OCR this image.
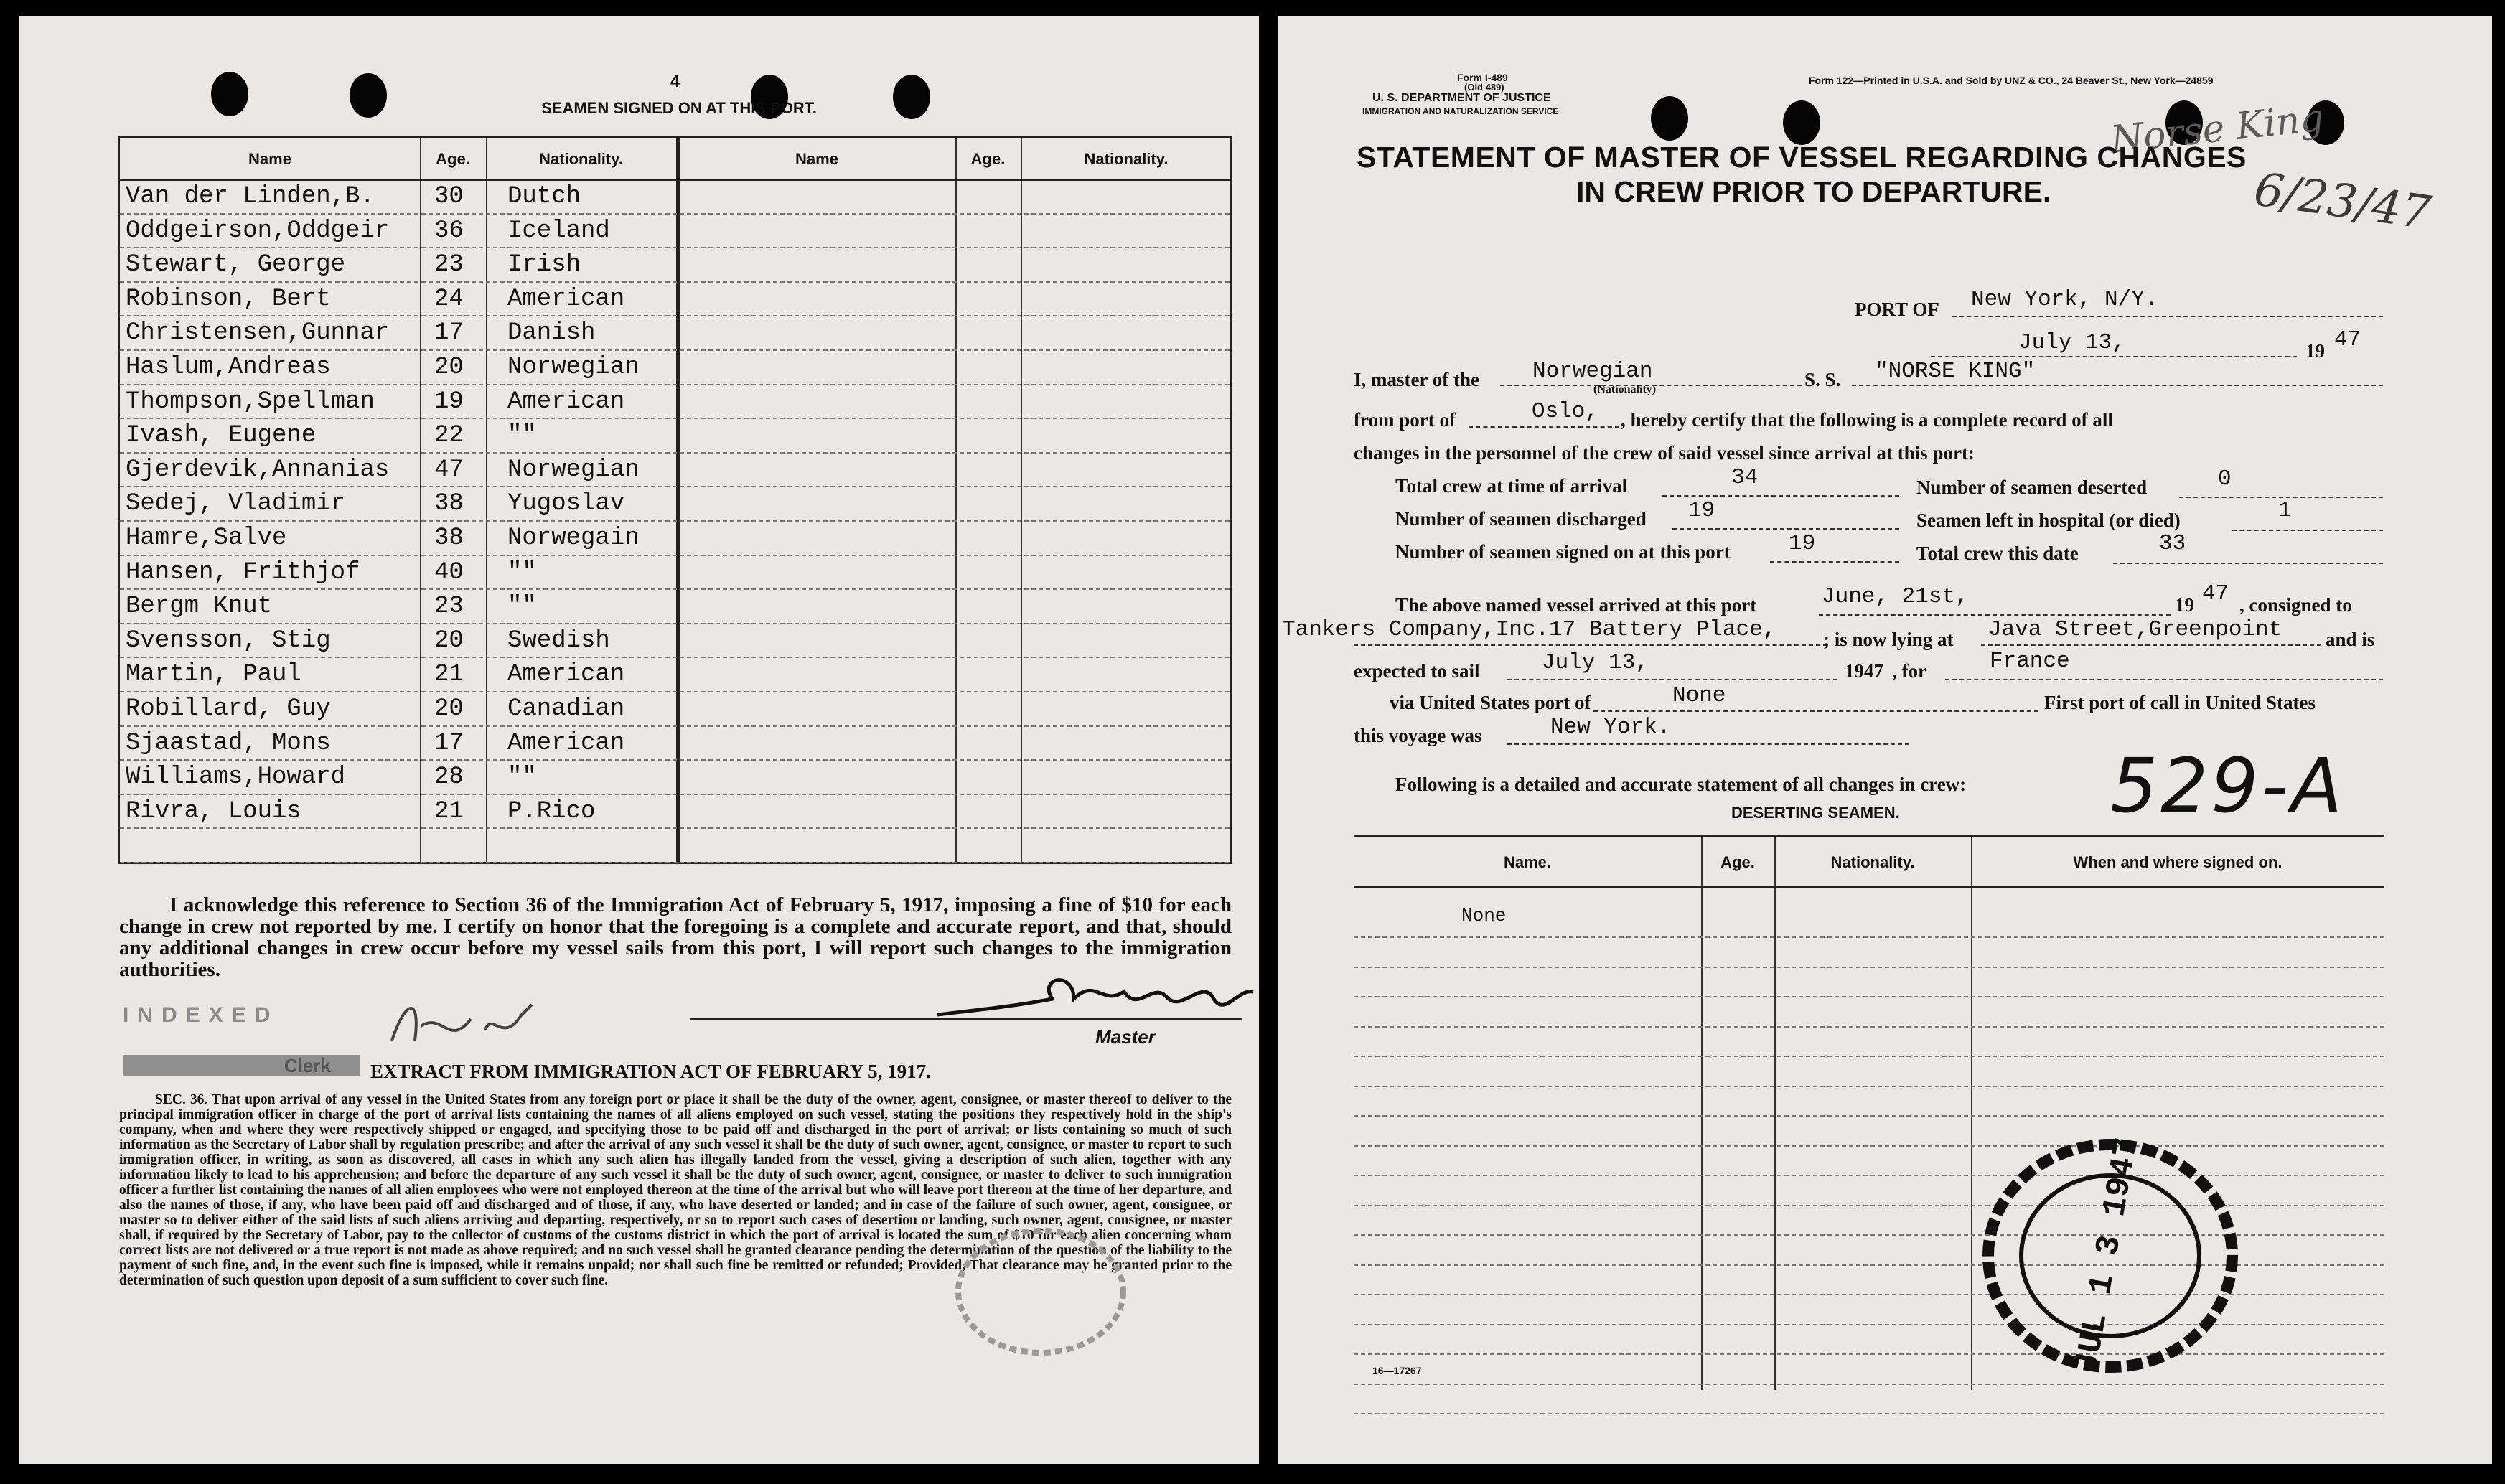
4
SEAMEN SIGNED ON AT THIS PORT.
Name	Age.	Nationality.	Name	Age.	Nationality.
Van der Linden,B. 30 Dutch
Oddgeirson,Oddgeir 36 Iceland
Stewart, George	23 Irish
Robinson, Bert	24 American
Christensen,Gunnar 17 Danish
Haslum,Andreas	20 Norwegian
Thompson,Spellman 19 American
Ivash, Eugene	22 ""
Gjerdevik,Annanias 47 Norwegian
Sedej, Vladimir	38 Yugoslav
Hamre,Salve	38 Norwegain
Hansen, Frithjof	40 ""
Bergm Knut	23 ""
Svensson, Stig	20 Swedish
Martin, Paul	21 American
Robillard, Guy	20 Canadian
Sjaastad, Mons	17 American
Williams,Howard	28 ""
Rivra, Louis	21 P.Rico
I acknowledge this reference to Section 36 of the Immigration Act of February 5, 1917, imposing a fine of $10 for each change in crew not reported by me. I certify on honor that the foregoing is a complete and accurate report, and that, should any additional changes in crew occur before my vessel sails from this port, I will report such changes to the immigration authorities.
INDEXED
Clerk
Master
EXTRACT FROM IMMIGRATION ACT OF FEBRUARY 5, 1917.
SEC. 36. That upon arrival of any vessel in the United States from any foreign port or place it shall be the duty of the owner, agent, consignee, or master thereof to deliver to the principal immigration officer in charge of the port of arrival lists containing the names of all aliens employed on such vessel, stating the positions they respectively hold in the ship's company, when and where they were respectively shipped or engaged, and specifying those to be paid off and discharged in the port of arrival; or lists containing so much of such information as the Secretary of Labor shall by regulation prescribe; and after the arrival of any such vessel it shall be the duty of such owner, agent, consignee, or master to report to such immigration officer, in writing, as soon as discovered, all cases in which any such alien has illegally landed from the vessel, giving a description of such alien, together with any information likely to lead to his apprehension; and before the departure of any such vessel it shall be the duty of such owner, agent, consignee, or master to deliver to such immigration officer a further list containing the names of all alien employees who were not employed thereon at the time of the arrival but who will leave port thereon at the time of her departure, and also the names of those, if any, who have been paid off and discharged and of those, if any, who have deserted or landed; and in case of the failure of such owner, agent, consignee, or master so to deliver either of the said lists of such aliens arriving and departing, respectively, or so to report such cases of desertion or landing, such owner, agent, consignee, or master shall, if required by the Secretary of Labor, pay to the collector of customs of the customs district in which the port of arrival is located the sum of $10 for each alien concerning whom correct lists are not delivered or a true report is not made as above required; and no such vessel shall be granted clearance pending the determination of the question of the liability to the payment of such fine, and, in the event such fine is imposed, while it remains unpaid; nor shall such fine be remitted or refunded; Provided, That clearance may be granted prior to the determination of such question upon deposit of a sum sufficient to cover such fine.
Form I-489
(Old 489)
U. S. DEPARTMENT OF JUSTICE
IMMIGRATION AND NATURALIZATION SERVICE
Form 122—Printed in U.S.A. and Sold by UNZ & CO., 24 Beaver St., New York—24859
Norse King
6/23/47
STATEMENT OF MASTER OF VESSEL REGARDING CHANGES
IN CREW PRIOR TO DEPARTURE.
PORT OF New York, N/Y.
July 13,	19 47
I, master of the Norwegian
(Nationality)	S. S. "NORSE KING"
from port of	Oslo, , hereby certify that the following is a complete record of all
changes in the personnel of the crew of said vessel since arrival at this port:
Total crew at time of arrival	34
Number of seamen discharged 19
Number of seamen signed on at this port	19
Number of seamen deserted	0
Seamen left in hospital (or died)	1
Total crew this date	33
The above named vessel arrived at this port	June, 21st,	19 47 , consigned to
Tankers Company,Inc.17 Battery Place, ; is now lying at Java Street,Greenpoint and is
expected to sail	July 13,	1947 , for	France
via United States port of	None	First port of call in United States
this voyage was	New York.
Following is a detailed and accurate statement of all changes in crew:
DESERTING SEAMEN.	529-A
Name.	Age.	Nationality.	When and where signed on.
None
16—17267	JUL 1 3 1947
